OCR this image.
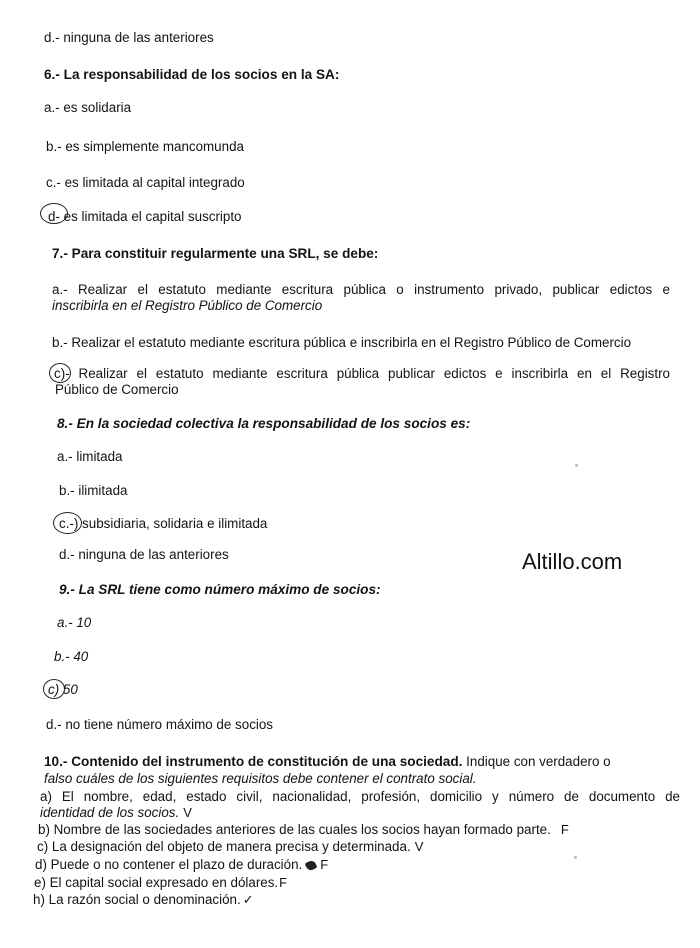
d.- ninguna de las anteriores
6.- La responsabilidad de los socios en la SA:
a.- es solidaria
b.- es simplemente mancomunda
c.- es limitada al capital integrado
d- es limitada el capital suscripto
7.- Para constituir regularmente una SRL, se debe:
a.- Realizar el estatuto mediante escritura pública o instrumento privado, publicar edictos e
inscribirla en el Registro Público de Comercio
b.- Realizar el estatuto mediante escritura pública e inscribirla en el Registro Público de Comercio
c)- Realizar el estatuto mediante escritura pública publicar edictos e inscribirla en el Registro
Público de Comercio
8.- En la sociedad colectiva la responsabilidad de los socios es:
a.- limitada
b.- ilimitada
c.-) subsidiaria, solidaria e ilimitada
d.- ninguna de las anteriores	Altillo.com
9.- La SRL tiene como número máximo de socios:
a.- 10
b.- 40
c) 50
d.- no tiene número máximo de socios
10.- Contenido del instrumento de constitución de una sociedad. Indique con verdadero o
falso cuáles de los siguientes requisitos debe contener el contrato social.
a) El nombre, edad, estado civil, nacionalidad, profesión, domicilio y número de documento de
identidad de los socios. V
b) Nombre de las sociedades anteriores de las cuales los socios hayan formado parte. F
c) La designación del objeto de manera precisa y determinada. V
d) Puede o no contener el plazo de duración. F
e) El capital social expresado en dólares.F
h) La razón social o denominación. ✓
